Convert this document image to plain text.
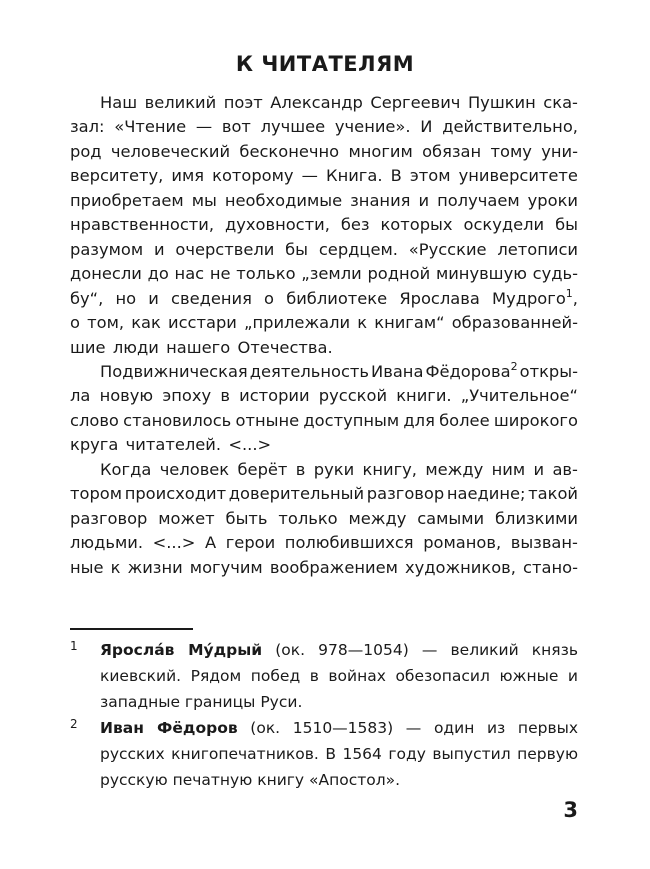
К ЧИТАТЕЛЯМ
Наш великий поэт Александр Сергеевич Пушкин ска-
зал: «Чтение — вот лучшее учение». И действительно,
род человеческий бесконечно многим обязан тому уни-
верситету, имя которому — Книга. В этом университете
приобретаем мы необходимые знания и получаем уроки
нравственности, духовности, без которых оскудели бы
разумом и очерствели бы сердцем. «Русские летописи
донесли до нас не только „земли родной минувшую судь-
бу“, но и сведения о библиотеке Ярослава Мудрого$^1$,
о том, как исстари „прилежали к книгам“ образованней-
шие люди нашего Отечества.
Подвижническая деятельность Ивана Фёдорова$^2$ откры-
ла новую эпоху в истории русской книги. „Учительное“
слово становилось отныне доступным для более широкого
круга читателей. <...>
Когда человек берёт в руки книгу, между ним и ав-
тором происходит доверительный разговор наедине; такой
разговор может быть только между самыми близкими
людьми. <...> А герои полюбившихся романов, вызван-
ные к жизни могучим воображением художников, стано-
1 Яросла́в Му́дрый (ок. 978—1054) — великий князь киевский. Рядом побед в войнах обезопасил южные и западные границы Руси.
2 Иван Фёдоров (ок. 1510—1583) — один из первых русских книгопечатников. В 1564 году выпустил первую русскую печатную книгу «Апостол».
3
